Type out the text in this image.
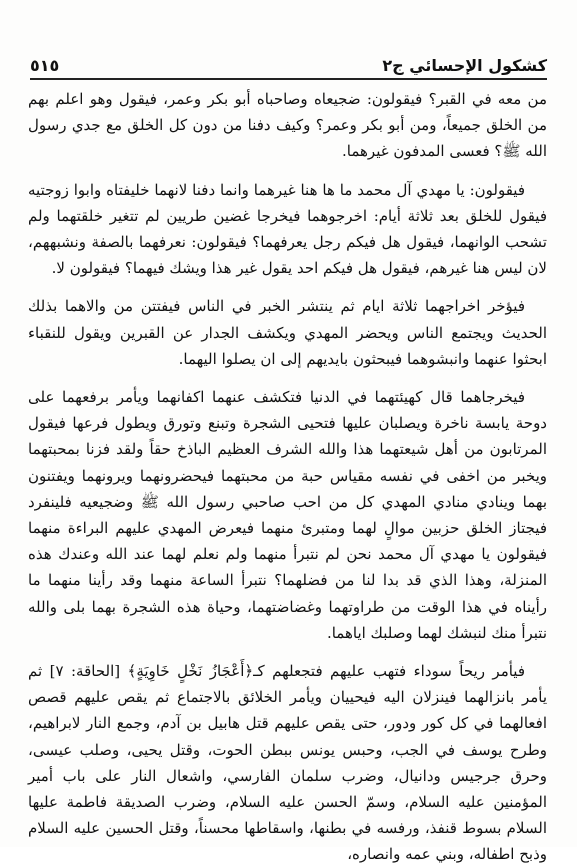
٥١٥	كشكول الإحسائي ج٢

من معه في القبر؟ فيقولون: ضجيعاه وصاحباه أبو بكر وعمر، فيقول وهو اعلم بهم من الخلق جميعاً، ومن أبو بكر وعمر؟ وكيف دفنا من دون كل الخلق مع جدي رسول الله ﷺ؟ فعسى المدفون غيرهما.

فيقولون: يا مهدي آل محمد ما ها هنا غيرهما وانما دفنا لانهما خليفتاه وابوا زوجتيه فيقول للخلق بعد ثلاثة أيام: اخرجوهما فيخرجا غضين طريين لم تتغير خلقتهما ولم تشحب الوانهما، فيقول هل فيكم رجل يعرفهما؟ فيقولون: نعرفهما بالصفة ونشبههم، لان ليس هنا غيرهم، فيقول هل فيكم احد يقول غير هذا ويشك فيهما؟ فيقولون لا.

فيؤخر اخراجهما ثلاثة ايام ثم ينتشر الخبر في الناس فيفتتن من والاهما بذلك الحديث ويجتمع الناس ويحضر المهدي ويكشف الجدار عن القبرين ويقول للنقباء ابحثوا عنهما وانبشوهما فيبحثون بايديهم إلى ان يصلوا اليهما.

فيخرجاهما قال كهيئتهما في الدنيا فتكشف عنهما اكفانهما ويأمر برفعهما على دوحة يابسة ناخرة ويصلبان عليها فتحيى الشجرة وتبنع وتورق ويطول فرعها فيقول المرتابون من أهل شيعتهما هذا والله الشرف العظيم الباذخ حقاً ولقد فزنا بمحبتهما ويخبر من اخفى في نفسه مقياس حبة من محبتهما فيحضرونهما ويرونهما ويفتنون بهما وينادي منادي المهدي كل من احب صاحبي رسول الله ﷺ وضجيعيه فلينفرد فيجتاز الخلق حزبين موالٍ لهما ومتبرئ منهما فيعرض المهدي عليهم البراءة منهما فيقولون يا مهدي آل محمد نحن لم نتبرأ منهما ولم نعلم لهما عند الله وعندك هذه المنزلة، وهذا الذي قد بدا لنا من فضلهما؟ نتبرأ الساعة منهما وقد رأينا منهما ما رأيناه في هذا الوقت من طراوتهما وغضاضتهما، وحياة هذه الشجرة بهما بلى والله نتبرأ منك لنبشك لهما وصلبك اياهما.

فيأمر ريحاً سوداء فتهب عليهم فتجعلهم كـ﴿أَعْجَازُ نَخْلٍ خَاوِيَةٍ﴾ [الحاقة: ٧] ثم يأمر بانزالهما فينزلان اليه فيحييان ويأمر الخلائق بالاجتماع ثم يقص عليهم قصص افعالهما في كل كور ودور، حتى يقص عليهم قتل هابيل بن آدم، وجمع النار لابراهيم، وطرح يوسف في الجب، وحبس يونس ببطن الحوت، وقتل يحيى، وصلب عيسى، وحرق جرجيس ودانيال، وضرب سلمان الفارسي، واشعال النار على باب أمير المؤمنين عليه السلام، وسمّ الحسن عليه السلام، وضرب الصديقة فاطمة عليها السلام بسوط قنفذ، ورفسه في بطنها، واسقاطها محسناً، وقتل الحسين عليه السلام وذبح اطفاله، وبني عمه وانصاره،
